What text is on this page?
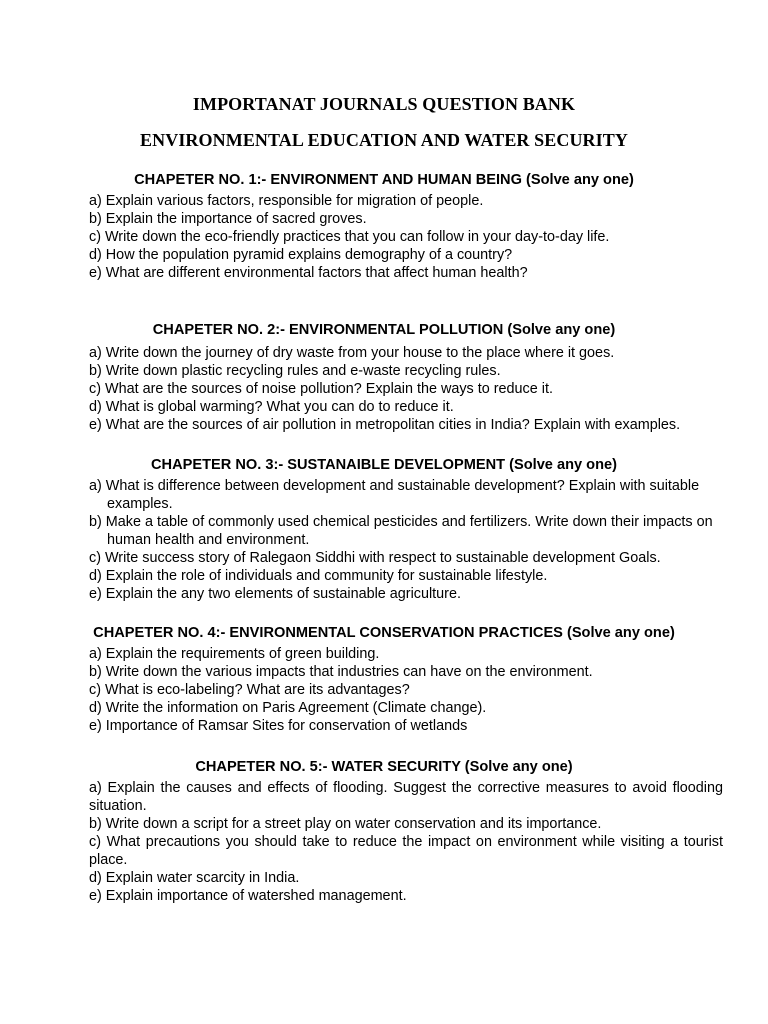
IMPORTANAT JOURNALS QUESTION BANK
ENVIRONMENTAL EDUCATION AND WATER SECURITY
CHAPETER NO. 1:- ENVIRONMENT AND HUMAN BEING (Solve any one)
a) Explain various factors, responsible for migration of people.
b) Explain the importance of sacred groves.
c) Write down the eco-friendly practices that you can follow in your day-to-day life.
d) How the population pyramid explains demography of a country?
e) What are different environmental factors that affect human health?
CHAPETER NO. 2:- ENVIRONMENTAL POLLUTION (Solve any one)
a) Write down the journey of dry waste from your house to the place where it goes.
b) Write down plastic recycling rules and e-waste recycling rules.
c) What are the sources of noise pollution? Explain the ways to reduce it.
d) What is global warming? What you can do to reduce it.
e) What are the sources of air pollution in metropolitan cities in India? Explain with examples.
CHAPETER NO. 3:- SUSTANAIBLE DEVELOPMENT (Solve any one)
a) What is difference between development and sustainable development? Explain with suitable examples.
b) Make a table of commonly used chemical pesticides and fertilizers. Write down their impacts on human health and environment.
c) Write success story of Ralegaon Siddhi with respect to sustainable development Goals.
d) Explain the role of individuals and community for sustainable lifestyle.
e) Explain the any two elements of sustainable agriculture.
CHAPETER NO. 4:- ENVIRONMENTAL CONSERVATION PRACTICES (Solve any one)
a) Explain the requirements of green building.
b) Write down the various impacts that industries can have on the environment.
c) What is eco-labeling? What are its advantages?
d) Write the information on Paris Agreement (Climate change).
e) Importance of Ramsar Sites for conservation of wetlands
CHAPETER NO. 5:- WATER SECURITY (Solve any one)
a) Explain the causes and effects of flooding. Suggest the corrective measures to avoid flooding situation.
b) Write down a script for a street play on water conservation and its importance.
c) What precautions you should take to reduce the impact on environment while visiting a tourist place.
d) Explain water scarcity in India.
e) Explain importance of watershed management.
